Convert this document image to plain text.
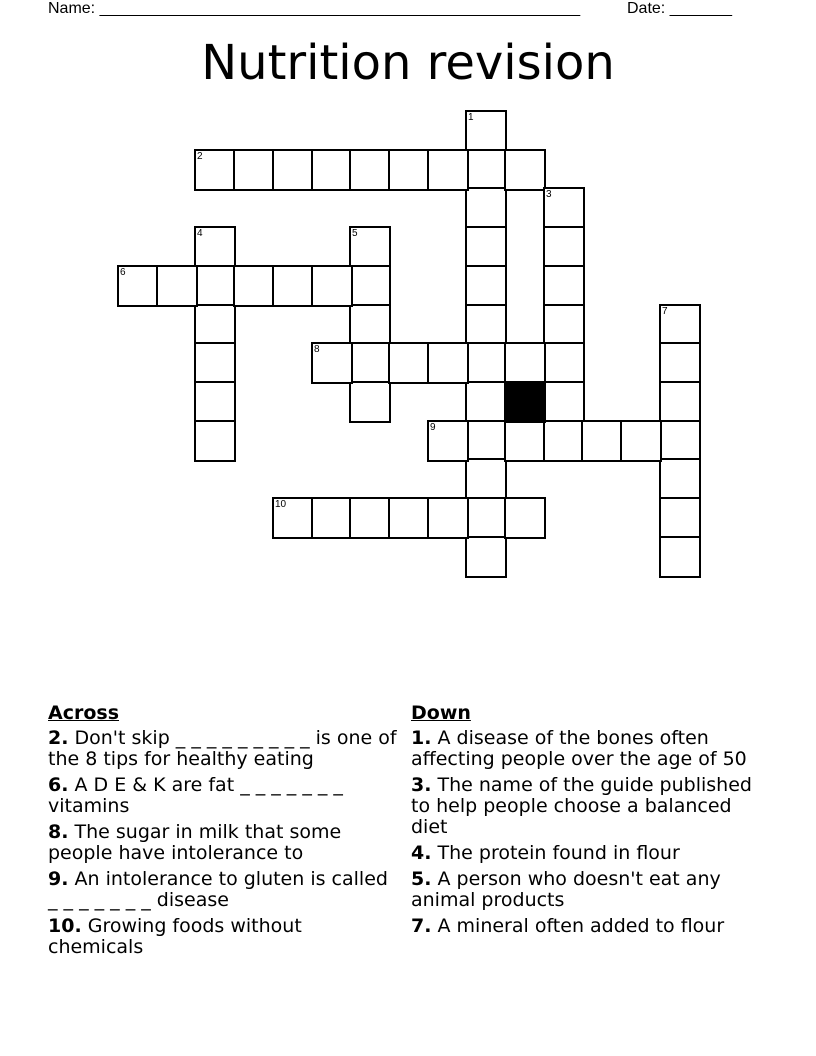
Name: ______________________________________________________	Date: _______
Nutrition revision
1
2
3
4	5
6
7
8
9
10
Across
2. Don't skip _ _ _ _ _ _ _ _ _ is one of the 8 tips for healthy eating
6. A D E & K are fat _ _ _ _ _ _ _ vitamins
8. The sugar in milk that some people have intolerance to
9. An intolerance to gluten is called _ _ _ _ _ _ _ disease
10. Growing foods without chemicals
Down
1. A disease of the bones often affecting people over the age of 50
3. The name of the guide published to help people choose a balanced diet
4. The protein found in flour
5. A person who doesn't eat any animal products
7. A mineral often added to flour
